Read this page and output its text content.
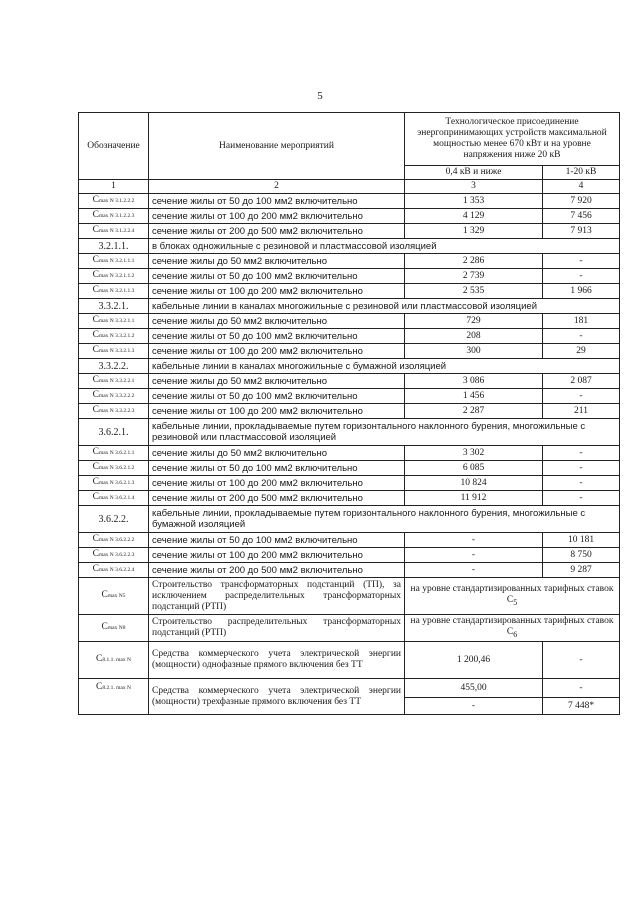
5
Обозначение	Наименование мероприятий	Технологическое присоединение энергопринимающих устройств максимальной мощностью менее 670 кВт и на уровне напряжения ниже 20 кВ	
		0,4 кВ и ниже	1-20 кВ
1	2	3	4
Cmax N 3.1.2.2.2	сечение жилы от 50 до 100 мм2 включительно	1 353	7 920
Cmax N 3.1.2.2.3	сечение жилы от 100 до 200 мм2 включительно	4 129	7 456
Cmax N 3.1.2.2.4	сечение жилы от 200 до 500 мм2 включительно	1 329	7 913
3.2.1.1.	в блоках одножильные с резиновой и пластмассовой изоляцией		
Cmax N 3.2.1.1.1	сечение жилы до 50 мм2 включительно	2 286	-
Cmax N 3.2.1.1.2	сечение жилы от 50 до 100 мм2 включительно	2 739	-
Cmax N 3.2.1.1.3	сечение жилы от 100 до 200 мм2 включительно	2 535	1 966
3.3.2.1.	кабельные линии в каналах многожильные с резиновой или пластмассовой изоляцией		
Cmax N 3.3.2.1.1	сечение жилы до 50 мм2 включительно	729	181
Cmax N 3.3.2.1.2	сечение жилы от 50 до 100 мм2 включительно	208	-
Cmax N 3.3.2.1.3	сечение жилы от 100 до 200 мм2 включительно	300	29
3.3.2.2.	кабельные линии в каналах многожильные с бумажной изоляцией		
Cmax N 3.3.2.2.1	сечение жилы до 50 мм2 включительно	3 086	2 087
Cmax N 3.3.2.2.2	сечение жилы от 50 до 100 мм2 включительно	1 456	-
Cmax N 3.3.2.2.3	сечение жилы от 100 до 200 мм2 включительно	2 287	211
3.6.2.1.	кабельные линии, прокладываемые путем горизонтального наклонного бурения, многожильные с резиновой или пластмассовой изоляцией		
Cmax N 3.6.2.1.1	сечение жилы до 50 мм2 включительно	3 302	-
Cmax N 3.6.2.1.2	сечение жилы от 50 до 100 мм2 включительно	6 085	-
Cmax N 3.6.2.1.3	сечение жилы от 100 до 200 мм2 включительно	10 824	-
Cmax N 3.6.2.1.4	сечение жилы от 200 до 500 мм2 включительно	11 912	-
3.6.2.2.	кабельные линии, прокладываемые путем горизонтального наклонного бурения, многожильные с бумажной изоляцией		
Cmax N 3.6.2.2.2	сечение жилы от 50 до 100 мм2 включительно	-	10 181
Cmax N 3.6.2.2.3	сечение жилы от 100 до 200 мм2 включительно	-	8 750
Cmax N 3.6.2.2.4	сечение жилы от 200 до 500 мм2 включительно	-	9 287
Cmax N5	Строительство трансформаторных подстанций (ТП), за исключением распределительных трансформаторных подстанций (РТП)	на уровне стандартизированных тарифных ставок $C_5$
Cmax N8	Строительство распределительных трансформаторных подстанций (РТП)	на уровне стандартизированных тарифных ставок $C_6$
C8.1.1. max N	Средства коммерческого учета электрической энергии (мощности) однофазные прямого включения без ТТ	1 200,46	-
C8.2.1. max N	Средства коммерческого учета электрической энергии (мощности) трехфазные прямого включения без ТТ	455,00	-
		-	7 448*
